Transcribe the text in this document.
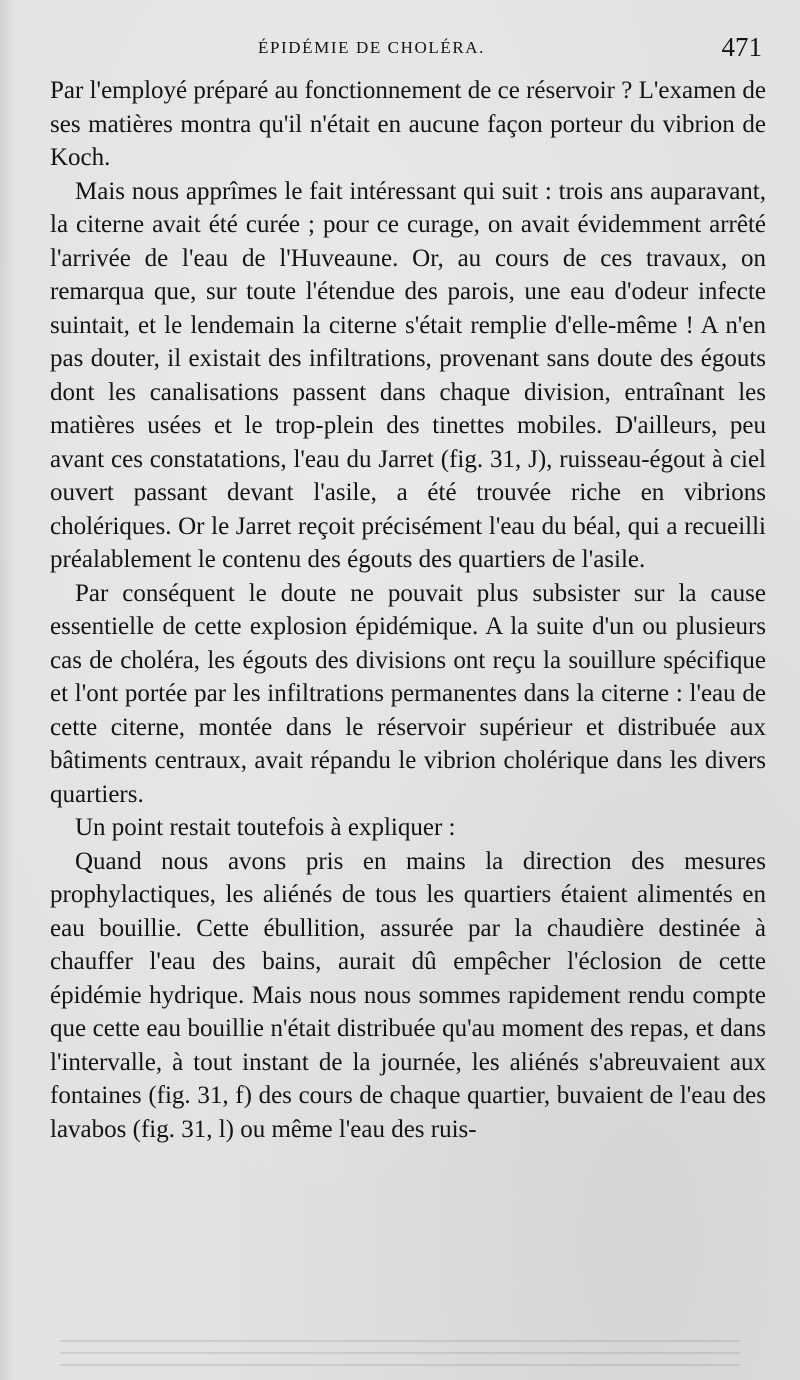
ÉPIDÉMIE DE CHOLÉRA.	471

Par l'employé préparé au fonctionnement de ce réservoir ? L'examen de ses matières montra qu'il n'était en aucune façon porteur du vibrion de Koch.

Mais nous apprîmes le fait intéressant qui suit : trois ans auparavant, la citerne avait été curée ; pour ce curage, on avait évidemment arrêté l'arrivée de l'eau de l'Huveaune. Or, au cours de ces travaux, on remarqua que, sur toute l'étendue des parois, une eau d'odeur infecte suintait, et le lendemain la citerne s'était remplie d'elle-même ! A n'en pas douter, il existait des infiltrations, provenant sans doute des égouts dont les canalisations passent dans chaque division, entraînant les matières usées et le trop-plein des tinettes mobiles. D'ailleurs, peu avant ces constatations, l'eau du Jarret (fig. 31, J), ruisseau-égout à ciel ouvert passant devant l'asile, a été trouvée riche en vibrions cholériques. Or le Jarret reçoit précisément l'eau du béal, qui a recueilli préalablement le contenu des égouts des quartiers de l'asile.

Par conséquent le doute ne pouvait plus subsister sur la cause essentielle de cette explosion épidémique. A la suite d'un ou plusieurs cas de choléra, les égouts des divisions ont reçu la souillure spécifique et l'ont portée par les infiltrations permanentes dans la citerne : l'eau de cette citerne, montée dans le réservoir supérieur et distribuée aux bâtiments centraux, avait répandu le vibrion cholérique dans les divers quartiers.

Un point restait toutefois à expliquer :

Quand nous avons pris en mains la direction des mesures prophylactiques, les aliénés de tous les quartiers étaient alimentés en eau bouillie. Cette ébullition, assurée par la chaudière destinée à chauffer l'eau des bains, aurait dû empêcher l'éclosion de cette épidémie hydrique. Mais nous nous sommes rapidement rendu compte que cette eau bouillie n'était distribuée qu'au moment des repas, et dans l'intervalle, à tout instant de la journée, les aliénés s'abreuvaient aux fontaines (fig. 31, f) des cours de chaque quartier, buvaient de l'eau des lavabos (fig. 31, l) ou même l'eau des ruis-
